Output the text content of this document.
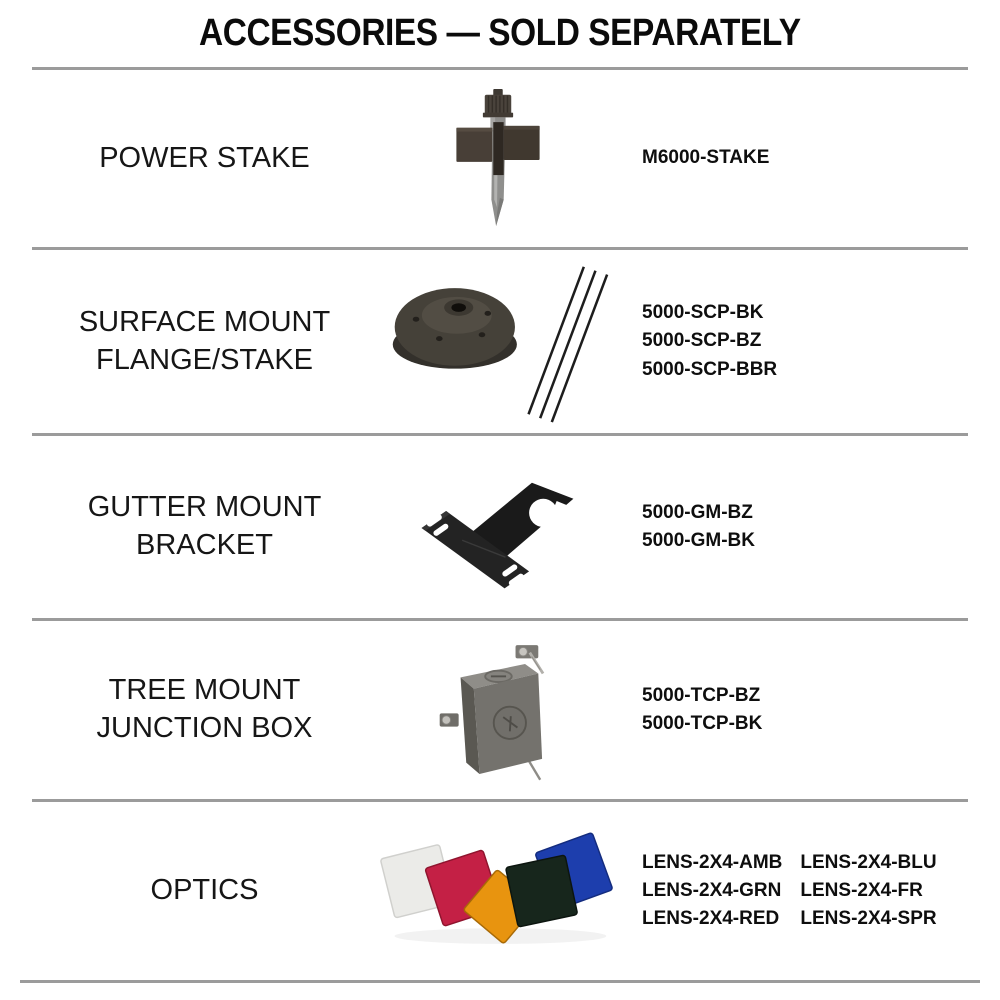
ACCESSORIES — SOLD SEPARATELY
POWER STAKE	M6000-STAKE
SURFACE MOUNT
FLANGE/STAKE
5000-SCP-BK
5000-SCP-BZ
5000-SCP-BBR
GUTTER MOUNT
BRACKET
5000-GM-BZ
5000-GM-BK
TREE MOUNT
JUNCTION BOX
5000-TCP-BZ
5000-TCP-BK
OPTICS
LENS-2X4-AMB
LENS-2X4-GRN
LENS-2X4-RED
LENS-2X4-BLU
LENS-2X4-FR
LENS-2X4-SPR
